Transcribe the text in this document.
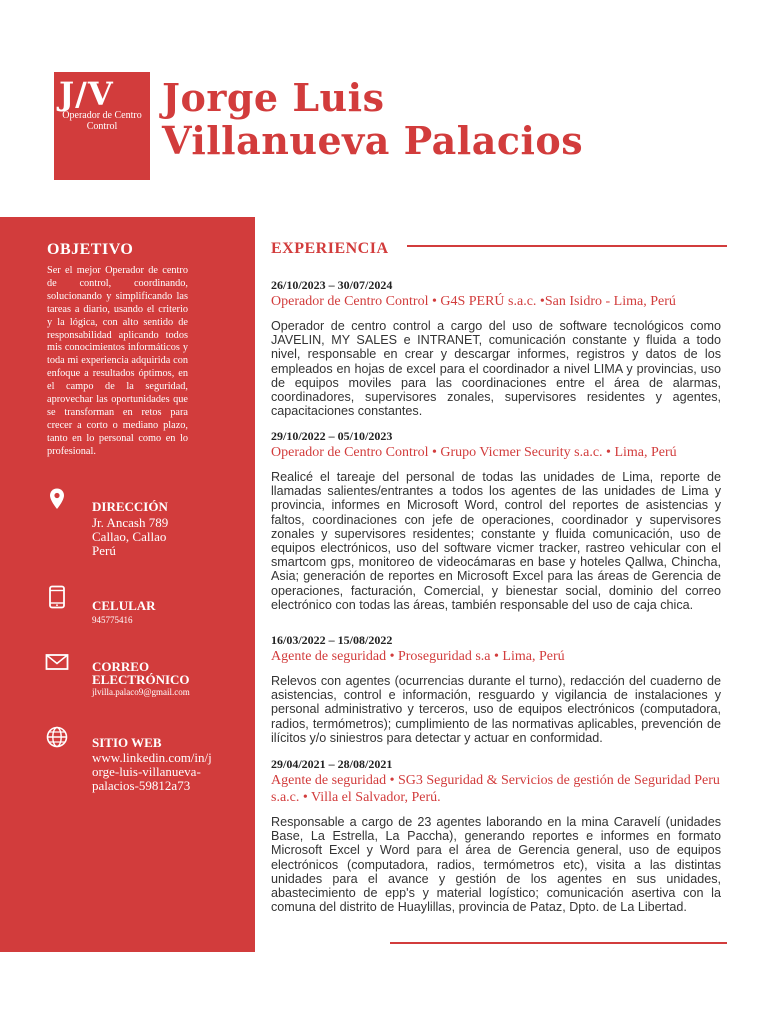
J/V
Operador de Centro Control
Jorge Luis
Villanueva Palacios
OBJETIVO
Ser el mejor Operador de centro de control, coordinando, solucionando y simplificando las tareas a diario, usando el criterio y la lógica, con alto sentido de responsabilidad aplicando todos mis conocimientos informáticos y toda mi experiencia adquirida con enfoque a resultados óptimos, en el campo de la seguridad, aprovechar las oportunidades que se transforman en retos para crecer a corto o mediano plazo, tanto en lo personal como en lo profesional.
DIRECCIÓN
Jr. Ancash 789
Callao, Callao
Perú
CELULAR
945775416
CORREO
ELECTRÓNICO
jlvilla.palaco9@gmail.com
SITIO WEB
www.linkedin.com/in/j
orge-luis-villanueva-
palacios-59812a73
EXPERIENCIA
26/10/2023 – 30/07/2024
Operador de Centro Control • G4S PERÚ s.a.c. •San Isidro - Lima, Perú
Operador de centro control a cargo del uso de software tecnológicos como JAVELIN, MY SALES e INTRANET, comunicación constante y fluida a todo nivel, responsable en crear y descargar informes, registros y datos de los empleados en hojas de excel para el coordinador a nivel LIMA y provincias, uso de equipos moviles para las coordinaciones entre el área de alarmas, coordinadores, supervisores zonales, supervisores residentes y agentes, capacitaciones constantes.
29/10/2022 – 05/10/2023
Operador de Centro Control • Grupo Vicmer Security s.a.c. • Lima, Perú
Realicé el tareaje del personal de todas las unidades de Lima, reporte de llamadas salientes/entrantes a todos los agentes de las unidades de Lima y provincia, informes en Microsoft Word, control del reportes de asistencias y faltos, coordinaciones con jefe de operaciones, coordinador y supervisores zonales y supervisores residentes; constante y fluida comunicación, uso de equipos electrónicos, uso del software vicmer tracker, rastreo vehicular con el smartcom gps, monitoreo de videocámaras en base y hoteles Qallwa, Chincha, Asia; generación de reportes en Microsoft Excel para las áreas de Gerencia de operaciones, facturación, Comercial, y bienestar social, dominio del correo electrónico con todas las áreas, también responsable del uso de caja chica.
16/03/2022 – 15/08/2022
Agente de seguridad • Proseguridad s.a • Lima, Perú
Relevos con agentes (ocurrencias durante el turno), redacción del cuaderno de asistencias, control e información, resguardo y vigilancia de instalaciones y personal administrativo y terceros, uso de equipos electrónicos (computadora, radios, termómetros); cumplimiento de las normativas aplicables, prevención de ilícitos y/o siniestros para detectar y actuar en conformidad.
29/04/2021 – 28/08/2021
Agente de seguridad • SG3 Seguridad & Servicios de gestión de Seguridad Peru s.a.c. • Villa el Salvador, Perú.
Responsable a cargo de 23 agentes laborando en la mina Caravelí (unidades Base, La Estrella, La Paccha), generando reportes e informes en formato Microsoft Excel y Word para el área de Gerencia general, uso de equipos electrónicos (computadora, radios, termómetros etc), visita a las distintas unidades para el avance y gestión de los agentes en sus unidades, abastecimiento de epp's y material logístico; comunicación asertiva con la comuna del distrito de Huaylillas, provincia de Pataz, Dpto. de La Libertad.
